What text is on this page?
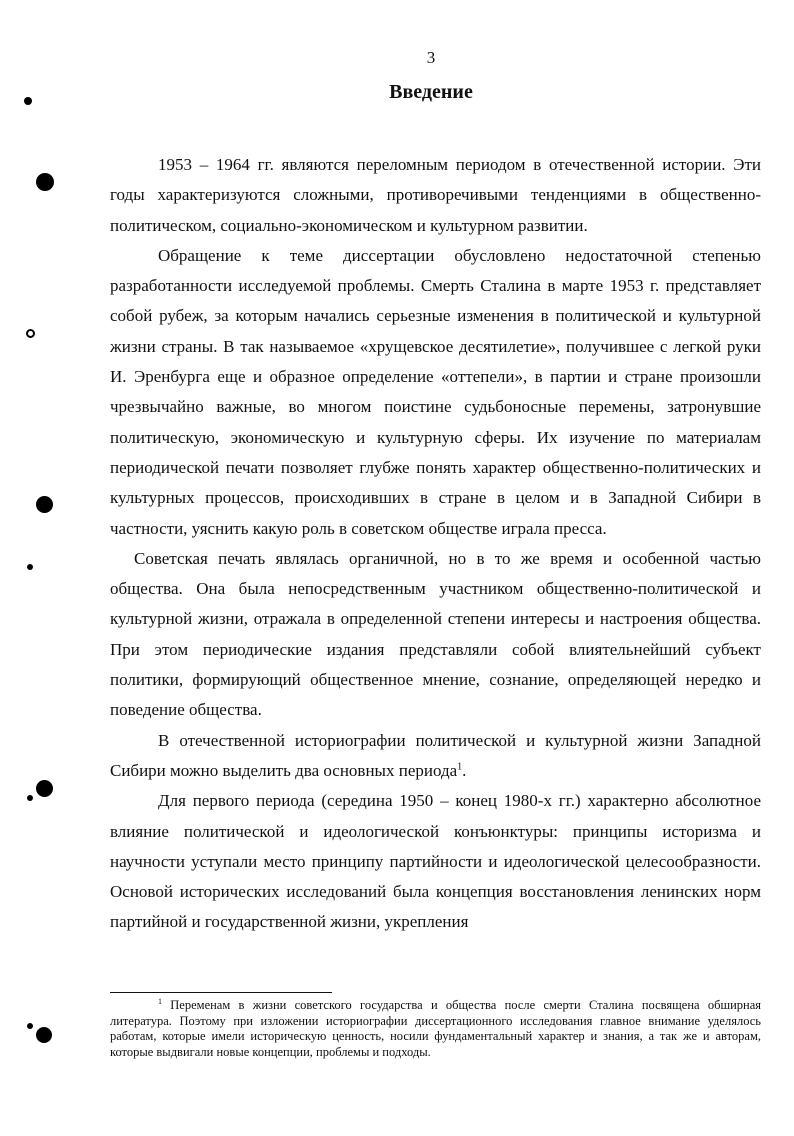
3
Введение

1953 – 1964 гг. являются переломным периодом в отечественной истории. Эти годы характеризуются сложными, противоречивыми тенденциями в общественно-политическом, социально-экономическом и культурном развитии.

Обращение к теме диссертации обусловлено недостаточной степенью разработанности исследуемой проблемы. Смерть Сталина в марте 1953 г. представляет собой рубеж, за которым начались серьезные изменения в политической и культурной жизни страны. В так называемое «хрущевское десятилетие», получившее с легкой руки И. Эренбурга еще и образное определение «оттепели», в партии и стране произошли чрезвычайно важные, во многом поистине судьбоносные перемены, затронувшие политическую, экономическую и культурную сферы. Их изучение по материалам периодической печати позволяет глубже понять характер общественно-политических и культурных процессов, происходивших в стране в целом и в Западной Сибири в частности, уяснить какую роль в советском обществе играла пресса.

Советская печать являлась органичной, но в то же время и особенной частью общества. Она была непосредственным участником общественно-политической и культурной жизни, отражала в определенной степени интересы и настроения общества. При этом периодические издания представляли собой влиятельнейший субъект политики, формирующий общественное мнение, сознание, определяющей нередко и поведение общества.

В отечественной историографии политической и культурной жизни Западной Сибири можно выделить два основных периода$^1$.

Для первого периода (середина 1950 – конец 1980-х гг.) характерно абсолютное влияние политической и идеологической конъюнктуры: принципы историзма и научности уступали место принципу партийности и идеологической целесообразности. Основой исторических исследований была концепция восстановления ленинских норм партийной и государственной жизни, укрепления

$^1$ Переменам в жизни советского государства и общества после смерти Сталина посвящена обширная литература. Поэтому при изложении историографии диссертационного исследования главное внимание уделялось работам, которые имели историческую ценность, носили фундаментальный характер и знания, а так же и авторам, которые выдвигали новые концепции, проблемы и подходы.
